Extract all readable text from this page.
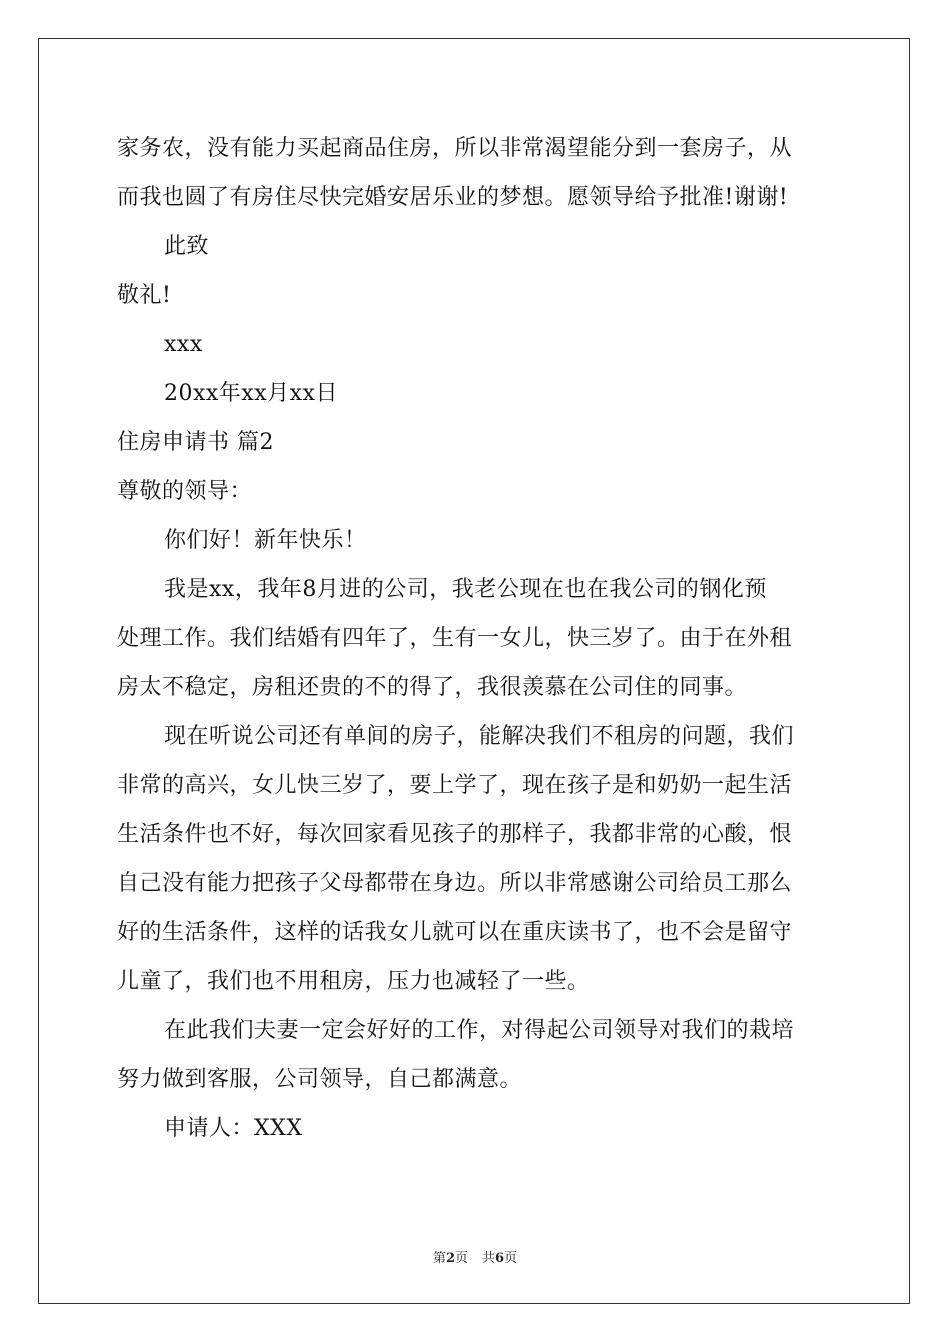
家务农，没有能力买起商品住房，所以非常渴望能分到一套房子，从
而我也圆了有房住尽快完婚安居乐业的梦想。愿领导给予批准!谢谢!
此致
敬礼!
xxx
20xx年xx月xx日
住房申请书 篇2
尊敬的领导：
你们好！新年快乐！
我是xx，我年8月进的公司，我老公现在也在我公司的钢化预
处理工作。我们结婚有四年了，生有一女儿，快三岁了。由于在外租
房太不稳定，房租还贵的不的得了，我很羡慕在公司住的同事。
现在听说公司还有单间的房子，能解决我们不租房的问题，我们
非常的高兴，女儿快三岁了，要上学了，现在孩子是和奶奶一起生活
生活条件也不好，每次回家看见孩子的那样子，我都非常的心酸，恨
自己没有能力把孩子父母都带在身边。所以非常感谢公司给员工那么
好的生活条件，这样的话我女儿就可以在重庆读书了，也不会是留守
儿童了，我们也不用租房，压力也减轻了一些。
在此我们夫妻一定会好好的工作，对得起公司领导对我们的栽培
努力做到客服，公司领导，自己都满意。
申请人：XXX
第2页 共6页
